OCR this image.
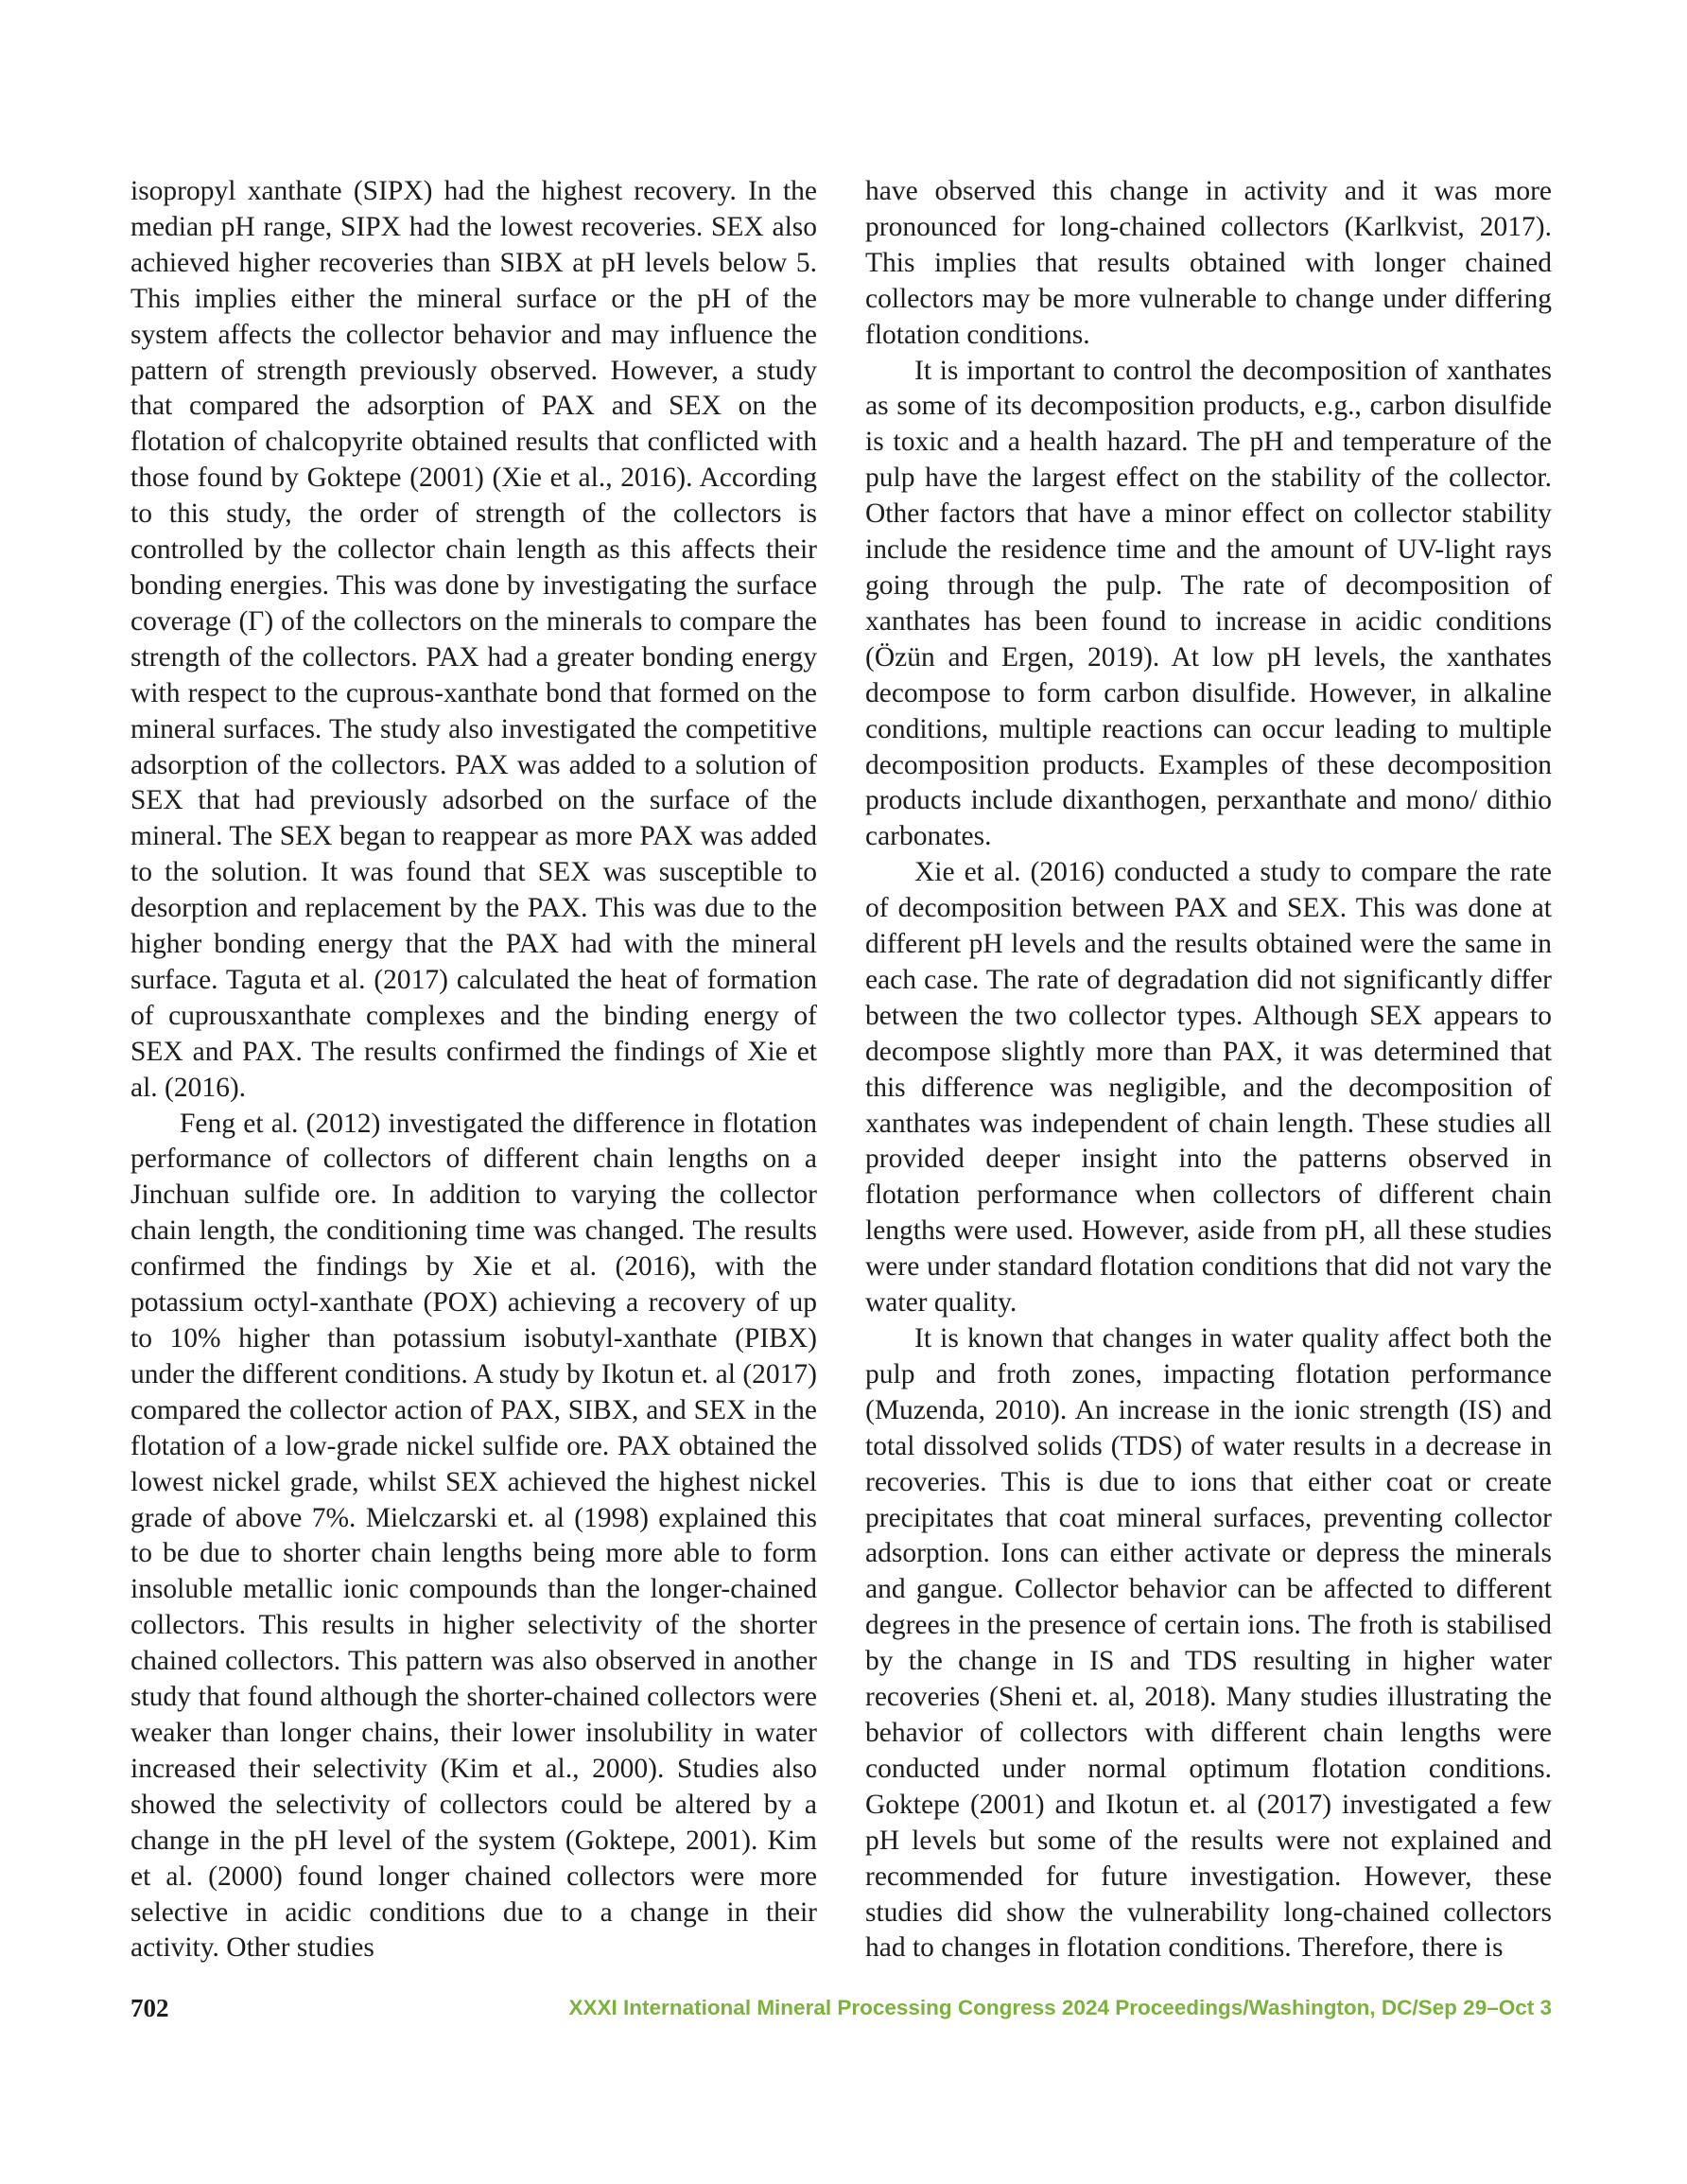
isopropyl xanthate (SIPX) had the highest recovery. In the median pH range, SIPX had the lowest recoveries. SEX also achieved higher recoveries than SIBX at pH levels below 5. This implies either the mineral surface or the pH of the system affects the collector behavior and may influence the pattern of strength previously observed. However, a study that compared the adsorption of PAX and SEX on the flotation of chalcopyrite obtained results that conflicted with those found by Goktepe (2001) (Xie et al., 2016). According to this study, the order of strength of the collectors is controlled by the collector chain length as this affects their bonding energies. This was done by investigating the surface coverage (Γ) of the collectors on the minerals to compare the strength of the collectors. PAX had a greater bonding energy with respect to the cuprous-xanthate bond that formed on the mineral surfaces. The study also investigated the competitive adsorption of the collectors. PAX was added to a solution of SEX that had previously adsorbed on the surface of the mineral. The SEX began to reappear as more PAX was added to the solution. It was found that SEX was susceptible to desorption and replacement by the PAX. This was due to the higher bonding energy that the PAX had with the mineral surface. Taguta et al. (2017) calculated the heat of formation of cuprousxanthate complexes and the binding energy of SEX and PAX. The results confirmed the findings of Xie et al. (2016).

Feng et al. (2012) investigated the difference in flotation performance of collectors of different chain lengths on a Jinchuan sulfide ore. In addition to varying the collector chain length, the conditioning time was changed. The results confirmed the findings by Xie et al. (2016), with the potassium octyl-xanthate (POX) achieving a recovery of up to 10% higher than potassium isobutyl-xanthate (PIBX) under the different conditions. A study by Ikotun et. al (2017) compared the collector action of PAX, SIBX, and SEX in the flotation of a low-grade nickel sulfide ore. PAX obtained the lowest nickel grade, whilst SEX achieved the highest nickel grade of above 7%. Mielczarski et. al (1998) explained this to be due to shorter chain lengths being more able to form insoluble metallic ionic compounds than the longer-chained collectors. This results in higher selectivity of the shorter chained collectors. This pattern was also observed in another study that found although the shorter-chained collectors were weaker than longer chains, their lower insolubility in water increased their selectivity (Kim et al., 2000). Studies also showed the selectivity of collectors could be altered by a change in the pH level of the system (Goktepe, 2001). Kim et al. (2000) found longer chained collectors were more selective in acidic conditions due to a change in their activity. Other studies

have observed this change in activity and it was more pronounced for long-chained collectors (Karlkvist, 2017). This implies that results obtained with longer chained collectors may be more vulnerable to change under differing flotation conditions.

It is important to control the decomposition of xanthates as some of its decomposition products, e.g., carbon disulfide is toxic and a health hazard. The pH and temperature of the pulp have the largest effect on the stability of the collector. Other factors that have a minor effect on collector stability include the residence time and the amount of UV-light rays going through the pulp. The rate of decomposition of xanthates has been found to increase in acidic conditions (Özün and Ergen, 2019). At low pH levels, the xanthates decompose to form carbon disulfide. However, in alkaline conditions, multiple reactions can occur leading to multiple decomposition products. Examples of these decomposition products include dixanthogen, perxanthate and mono/ dithio carbonates.

Xie et al. (2016) conducted a study to compare the rate of decomposition between PAX and SEX. This was done at different pH levels and the results obtained were the same in each case. The rate of degradation did not significantly differ between the two collector types. Although SEX appears to decompose slightly more than PAX, it was determined that this difference was negligible, and the decomposition of xanthates was independent of chain length. These studies all provided deeper insight into the patterns observed in flotation performance when collectors of different chain lengths were used. However, aside from pH, all these studies were under standard flotation conditions that did not vary the water quality.

It is known that changes in water quality affect both the pulp and froth zones, impacting flotation performance (Muzenda, 2010). An increase in the ionic strength (IS) and total dissolved solids (TDS) of water results in a decrease in recoveries. This is due to ions that either coat or create precipitates that coat mineral surfaces, preventing collector adsorption. Ions can either activate or depress the minerals and gangue. Collector behavior can be affected to different degrees in the presence of certain ions. The froth is stabilised by the change in IS and TDS resulting in higher water recoveries (Sheni et. al, 2018). Many studies illustrating the behavior of collectors with different chain lengths were conducted under normal optimum flotation conditions. Goktepe (2001) and Ikotun et. al (2017) investigated a few pH levels but some of the results were not explained and recommended for future investigation. However, these studies did show the vulnerability long-chained collectors had to changes in flotation conditions. Therefore, there is

702	XXXI International Mineral Processing Congress 2024 Proceedings/Washington, DC/Sep 29–Oct 3
